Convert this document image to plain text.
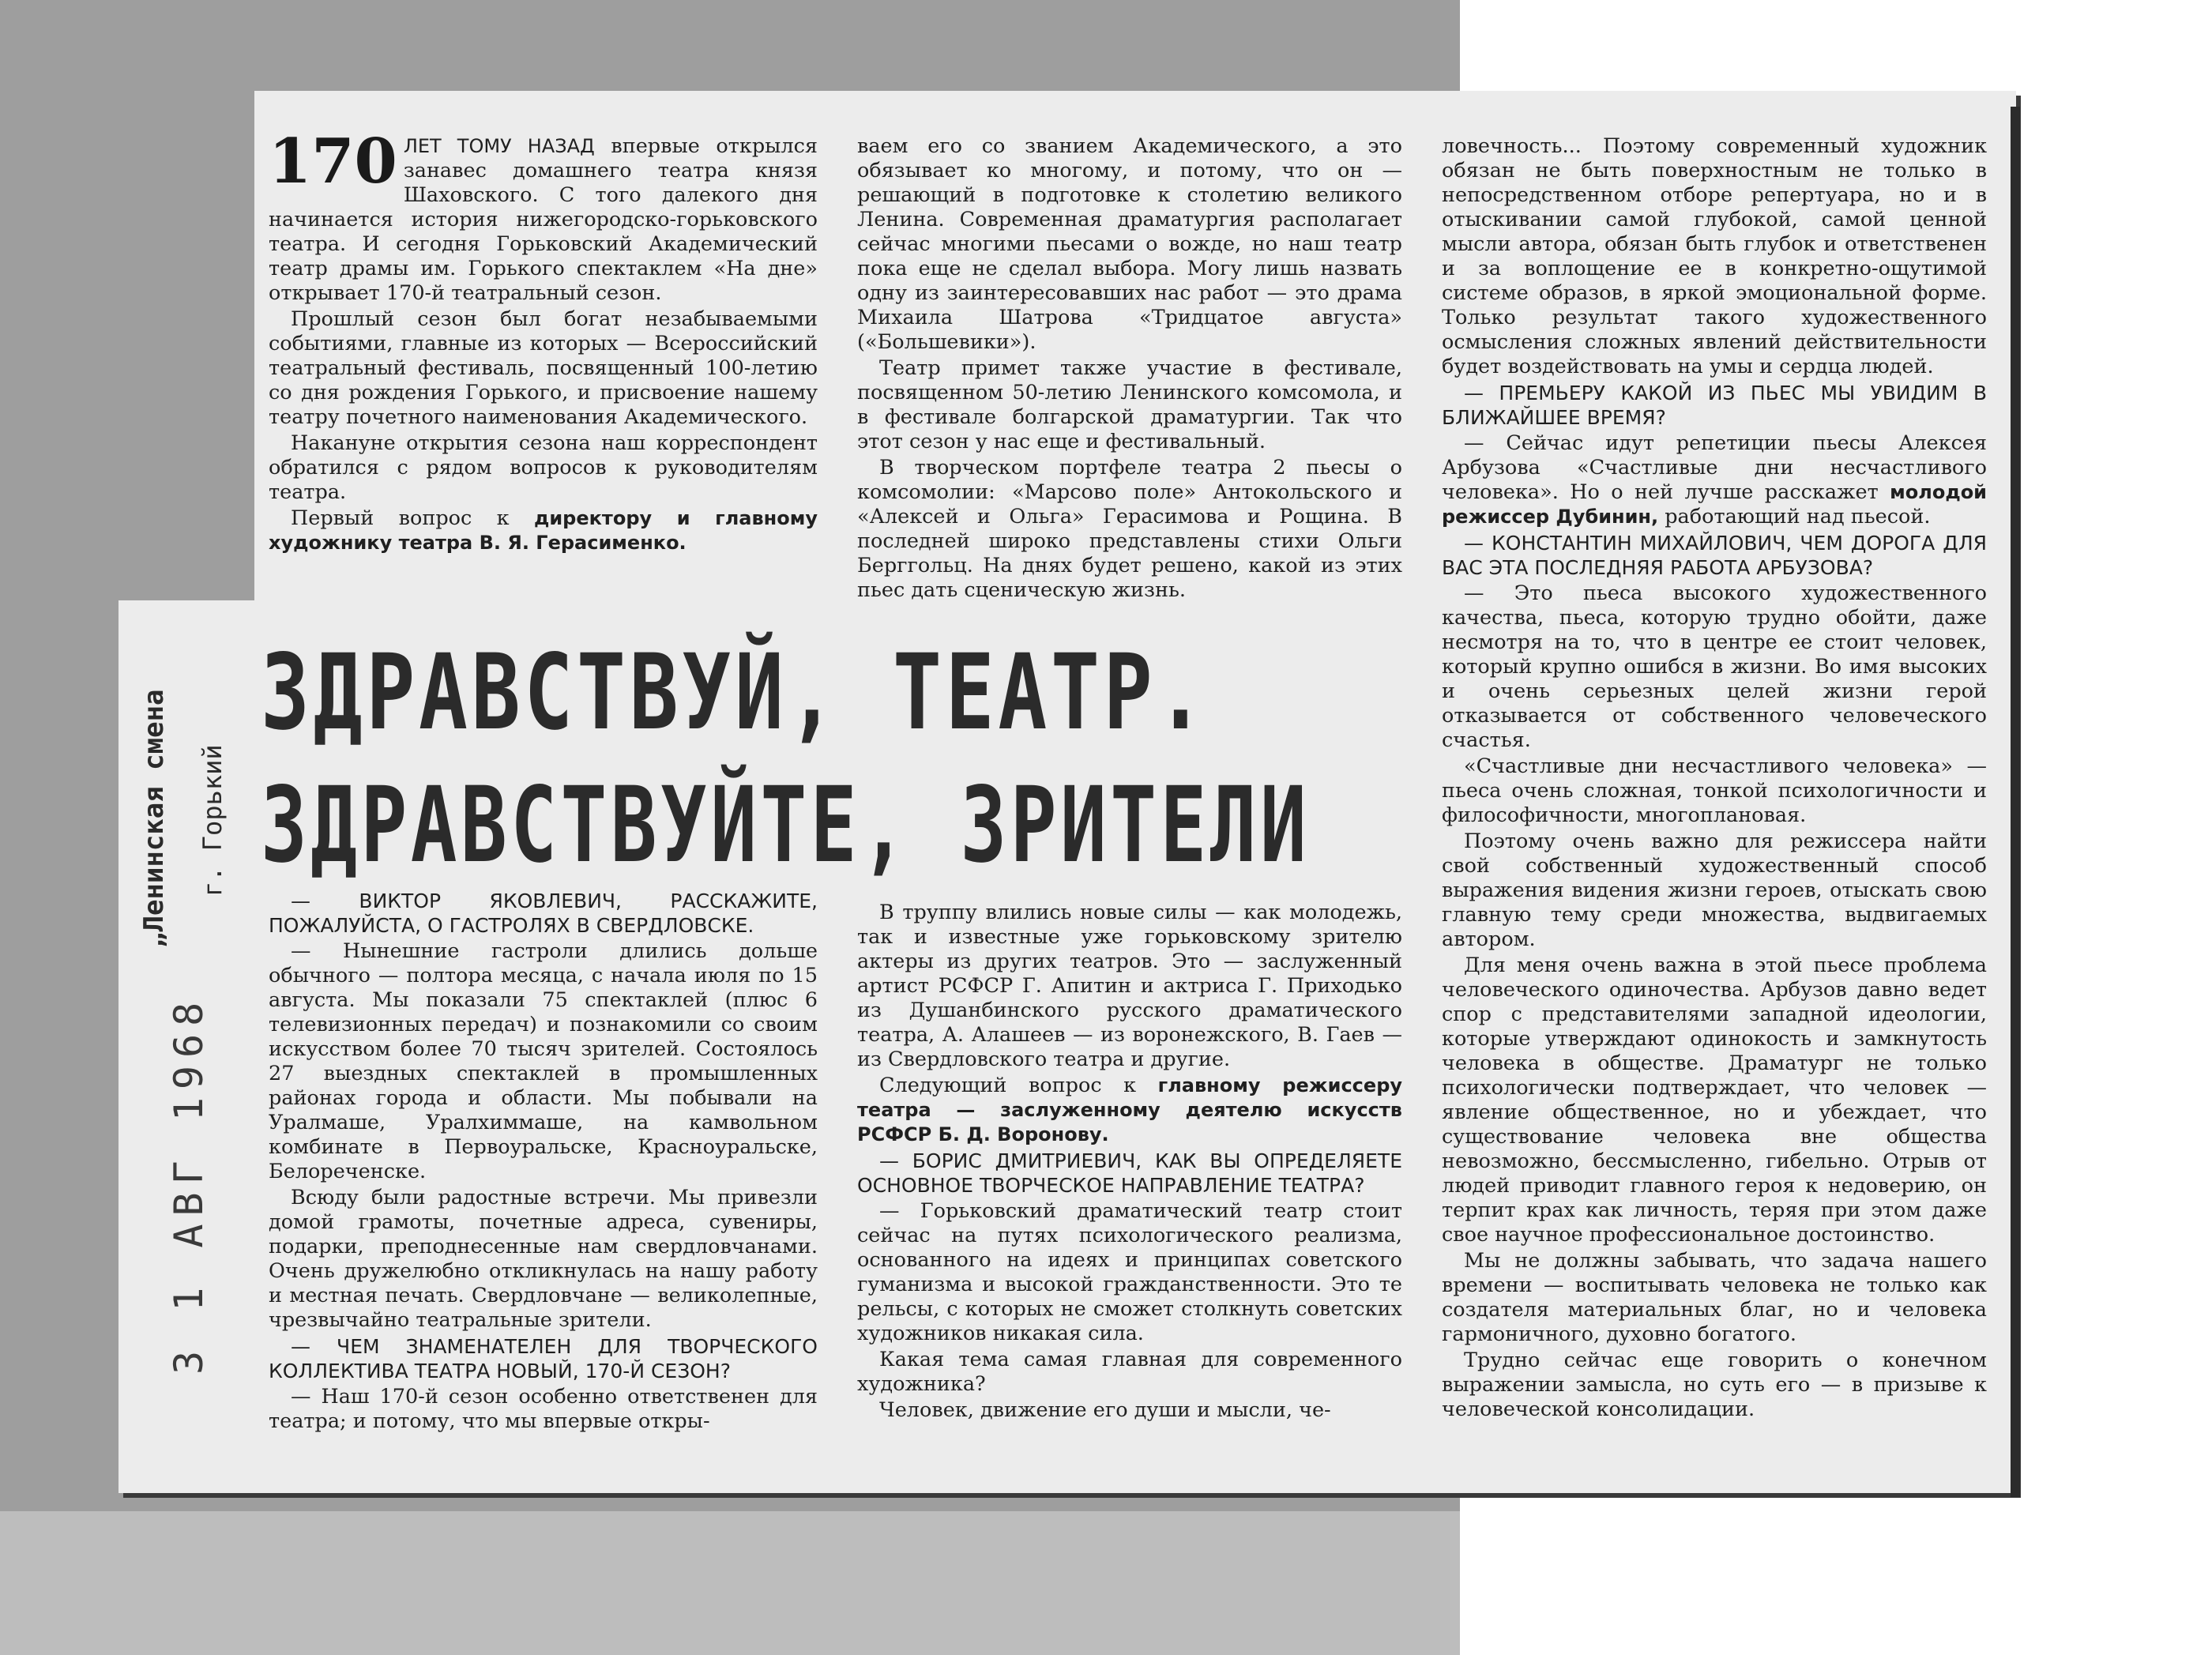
„Ленинская смена г. Горький
3 1 АВГ 1968

170 ЛЕТ ТОМУ НАЗАД впервые открылся занавес домашнего театра князя Шаховского. С того далекого дня начинается история нижегородско-горьковского театра. И сегодня Горьковский Академический театр драмы им. Горького спектаклем «На дне» открывает 170-й театральный сезон.

Прошлый сезон был богат незабываемыми событиями, главные из которых — Всероссийский театральный фестиваль, посвященный 100-летию со дня рождения Горького, и присвоение нашему театру почетного наименования Академического.

Накануне открытия сезона наш корреспондент обратился с рядом вопросов к руководителям театра.

Первый вопрос к директору и главному художнику театра В. Я. Герасименко.

ваем его со званием Академического, а это обязывает ко многому, и потому, что он — решающий в подготовке к столетию великого Ленина. Современная драматургия располагает сейчас многими пьесами о вожде, но наш театр пока еще не сделал выбора. Могу лишь назвать одну из заинтересовавших нас работ — это драма Михаила Шатрова «Тридцатое августа» («Большевики»).

Театр примет также участие в фестивале, посвященном 50-летию Ленинского комсомола, и в фестивале болгарской драматургии. Так что этот сезон у нас еще и фестивальный.

В творческом портфеле театра 2 пьесы о комсомолии: «Марсово поле» Антокольского и «Алексей и Ольга» Герасимова и Рощина. В последней широко представлены стихи Ольги Берггольц. На днях будет решено, какой из этих пьес дать сценическую жизнь.

ловечность... Поэтому современный художник обязан не быть поверхностным не только в непосредственном отборе репертуара, но и в отыскивании самой глубокой, самой ценной мысли автора, обязан быть глубок и ответственен и за воплощение ее в конкретно-ощутимой системе образов, в яркой эмоциональной форме. Только результат такого художественного осмысления сложных явлений действительности будет воздействовать на умы и сердца людей.

— ПРЕМЬЕРУ КАКОЙ ИЗ ПЬЕС МЫ УВИДИМ В БЛИЖАЙШЕЕ ВРЕМЯ?

— Сейчас идут репетиции пьесы Алексея Арбузова «Счастливые дни несчастливого человека». Но о ней лучше расскажет молодой режиссер Дубинин, работающий над пьесой.

— КОНСТАНТИН МИХАЙЛОВИЧ, ЧЕМ ДОРОГА ДЛЯ ВАС ЭТА ПОСЛЕДНЯЯ РАБОТА АРБУЗОВА?

— Это пьеса высокого художественного качества, пьеса, которую трудно обойти, даже несмотря на то, что в центре ее стоит человек, который крупно ошибся в жизни. Во имя высоких и очень серьезных целей жизни герой отказывается от собственного человеческого счастья.

«Счастливые дни несчастливого человека» — пьеса очень сложная, тонкой психологичности и философичности, многоплановая.

Поэтому очень важно для режиссера найти свой собственный художественный способ выражения видения жизни героев, отыскать свою главную тему среди множества, выдвигаемых автором.

Для меня очень важна в этой пьесе проблема человеческого одиночества. Арбузов давно ведет спор с представителями западной идеологии, которые утверждают одинокость и замкнутость человека в обществе. Драматург не только психологически подтверждает, что человек — явление общественное, но и убеждает, что существование человека вне общества невозможно, бессмысленно, гибельно. Отрыв от людей приводит главного героя к недоверию, он терпит крах как личность, теряя при этом даже свое научное профессиональное достоинство.

Мы не должны забывать, что задача нашего времени — воспитывать человека не только как создателя материальных благ, но и человека гармоничного, духовно богатого.

Трудно сейчас еще говорить о конечном выражении замысла, но суть его — в призыве к человеческой консолидации.

ЗДРАВСТВУЙ, ТЕАТР.
ЗДРАВСТВУЙТЕ, ЗРИТЕЛИ

— ВИКТОР ЯКОВЛЕВИЧ, РАССКАЖИТЕ, ПОЖАЛУЙСТА, О ГАСТРОЛЯХ В СВЕРДЛОВСКЕ.

— Нынешние гастроли длились дольше обычного — полтора месяца, с начала июля по 15 августа. Мы показали 75 спектаклей (плюс 6 телевизионных передач) и познакомили со своим искусством более 70 тысяч зрителей. Состоялось 27 выездных спектаклей в промышленных районах города и области. Мы побывали на Уралмаше, Уралхиммаше, на камвольном комбинате в Первоуральске, Красноуральске, Белореченске.

Всюду были радостные встречи. Мы привезли домой грамоты, почетные адреса, сувениры, подарки, преподнесенные нам свердловчанами. Очень дружелюбно откликнулась на нашу работу и местная печать. Свердловчане — великолепные, чрезвычайно театральные зрители.

— ЧЕМ ЗНАМЕНАТЕЛЕН ДЛЯ ТВОРЧЕСКОГО КОЛЛЕКТИВА ТЕАТРА НОВЫЙ, 170-Й СЕЗОН?

— Наш 170-й сезон особенно ответственен для театра; и потому, что мы впервые откры-

В труппу влились новые силы — как молодежь, так и известные уже горьковскому зрителю актеры из других театров. Это — заслуженный артист РСФСР Г. Апитин и актриса Г. Приходько из Душанбинского русского драматического театра, А. Алашеев — из воронежского, В. Гаев — из Свердловского театра и другие.

Следующий вопрос к главному режиссеру театра — заслуженному деятелю искусств РСФСР Б. Д. Воронову.

— БОРИС ДМИТРИЕВИЧ, КАК ВЫ ОПРЕДЕЛЯЕТЕ ОСНОВНОЕ ТВОРЧЕСКОЕ НАПРАВЛЕНИЕ ТЕАТРА?

— Горьковский драматический театр стоит сейчас на путях психологического реализма, основанного на идеях и принципах советского гуманизма и высокой гражданственности. Это те рельсы, с которых не сможет столкнуть советских художников никакая сила.

Какая тема самая главная для современного художника?

Человек, движение его души и мысли, че-
